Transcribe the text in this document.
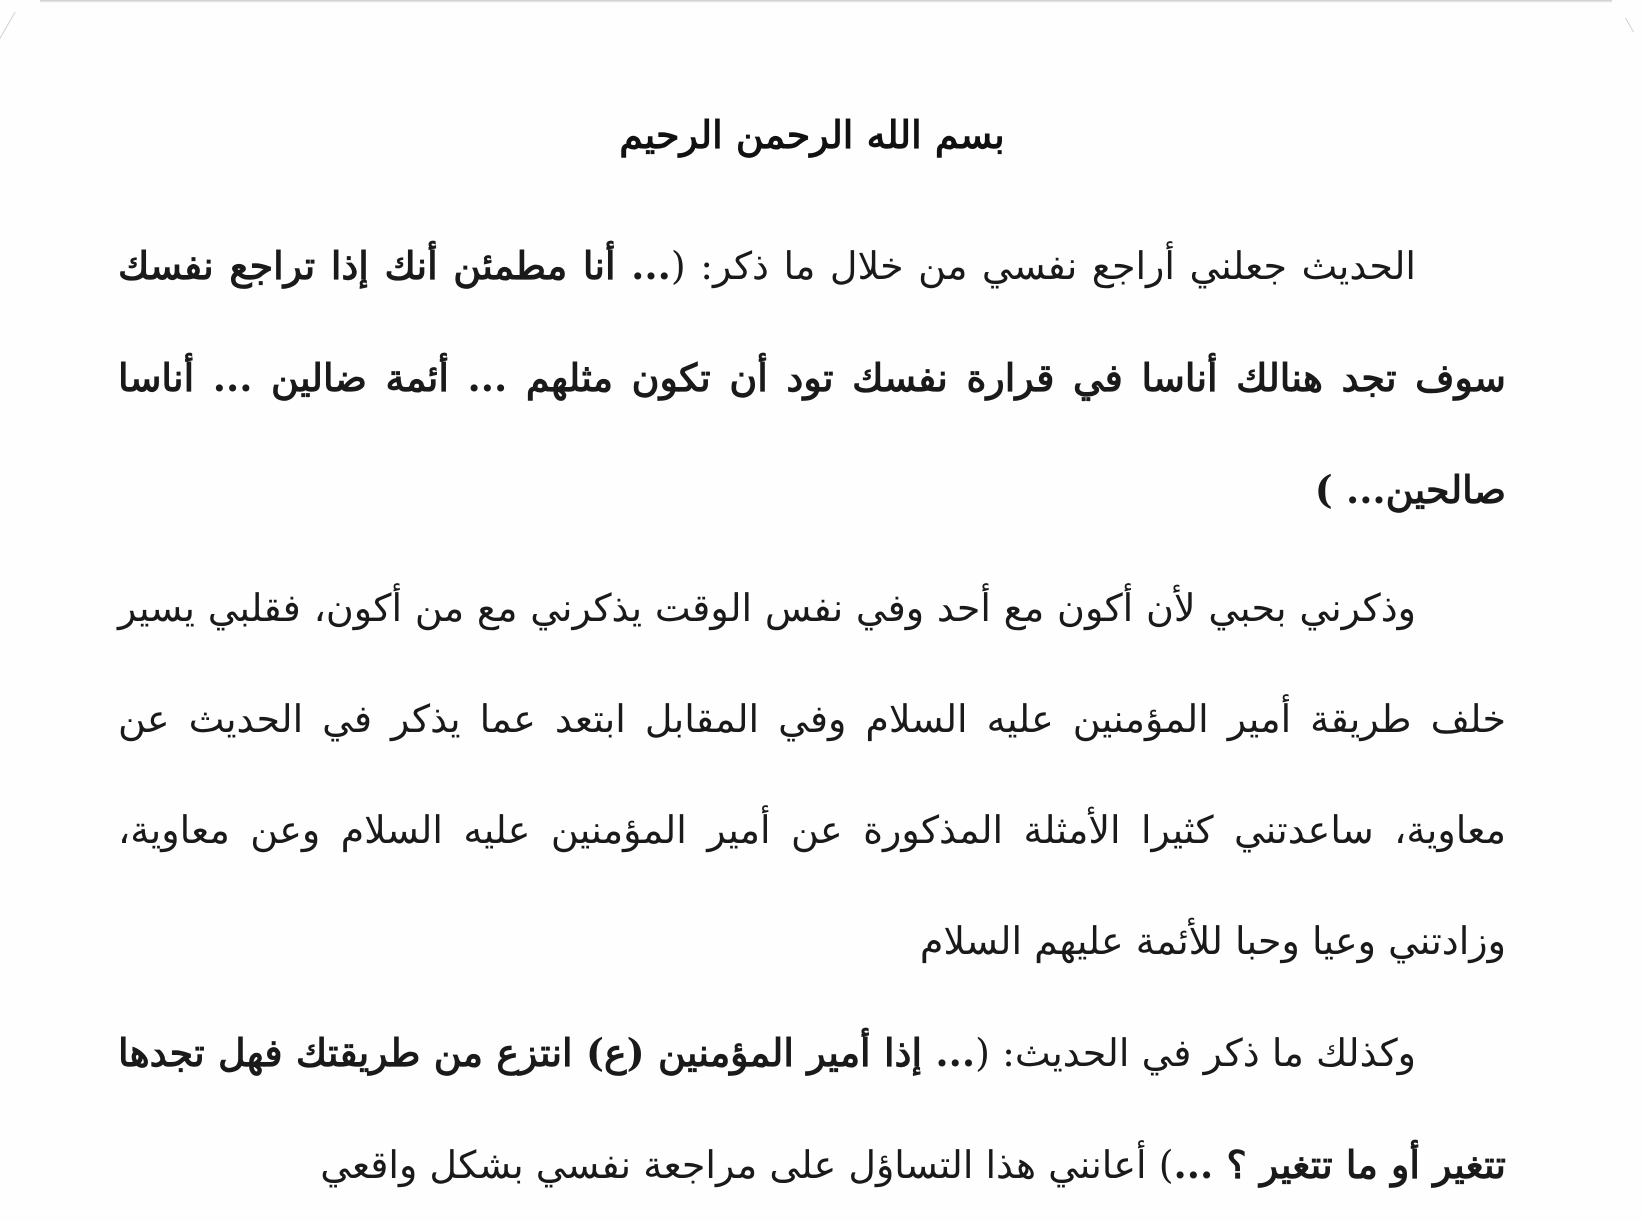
بسم الله الرحمن الرحيم

الحديث جعلني أراجع نفسي من خلال ما ذكر: (... أنا مطمئن أنك إذا تراجع نفسك سوف تجد هنالك أناسا في قرارة نفسك تود أن تكون مثلهم ... أئمة ضالين ... أناسا صالحين... )

وذكرني بحبي لأن أكون مع أحد وفي نفس الوقت يذكرني مع من أكون، فقلبي يسير خلف طريقة أمير المؤمنين عليه السلام وفي المقابل ابتعد عما يذكر في الحديث عن معاوية، ساعدتني كثيرا الأمثلة المذكورة عن أمير المؤمنين عليه السلام وعن معاوية، وزادتني وعيا وحبا للأئمة عليهم السلام

وكذلك ما ذكر في الحديث: (... إذا أمير المؤمنين (ع) انتزع من طريقتك فهل تجدها تتغير أو ما تتغير ؟ ...) أعانني هذا التساؤل على مراجعة نفسي بشكل واقعي
